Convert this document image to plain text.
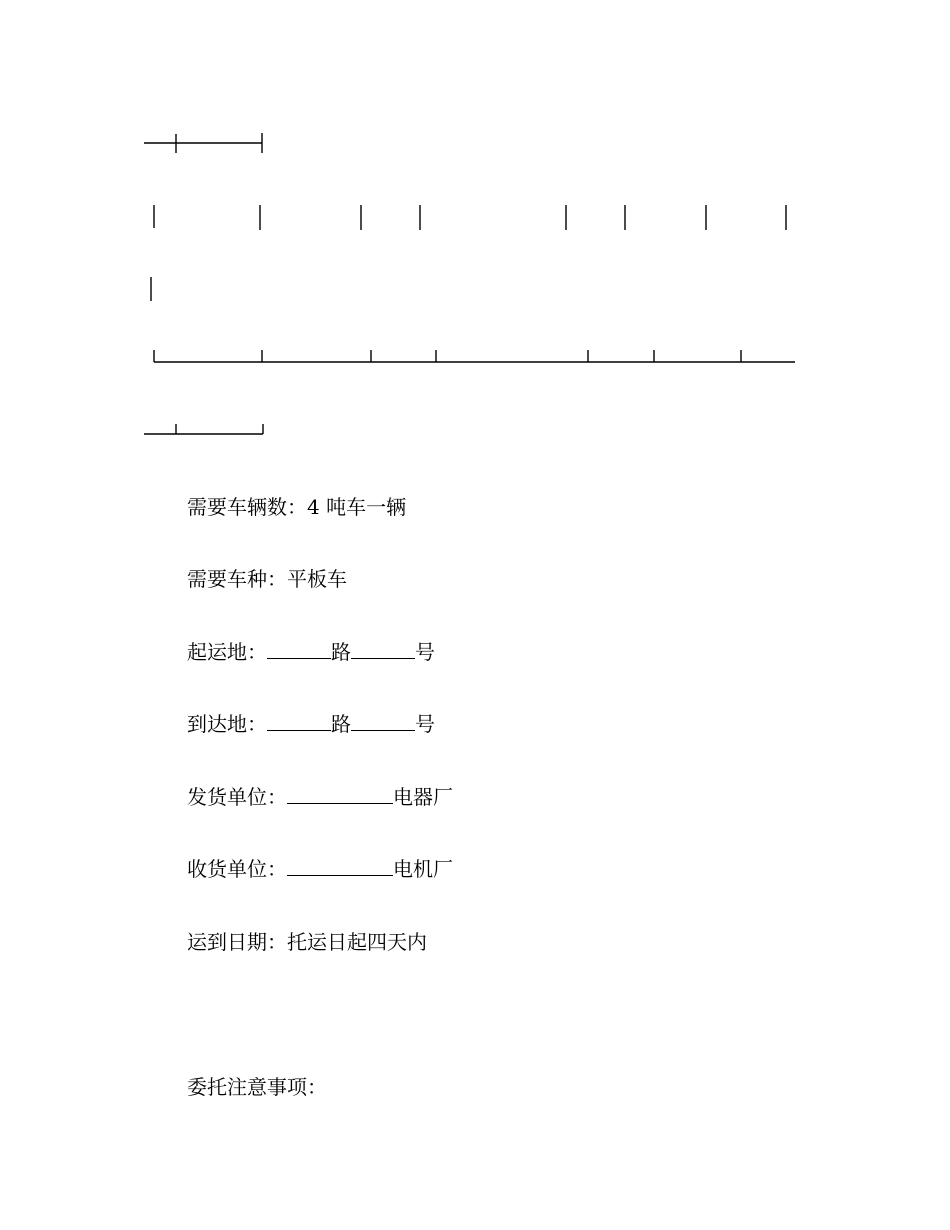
需要车辆数：4 吨车一辆
需要车种：平板车
起运地：	路	号
到达地：	路	号
发货单位：	电器厂
收货单位：	电机厂
运到日期：托运日起四天内
委托注意事项：
